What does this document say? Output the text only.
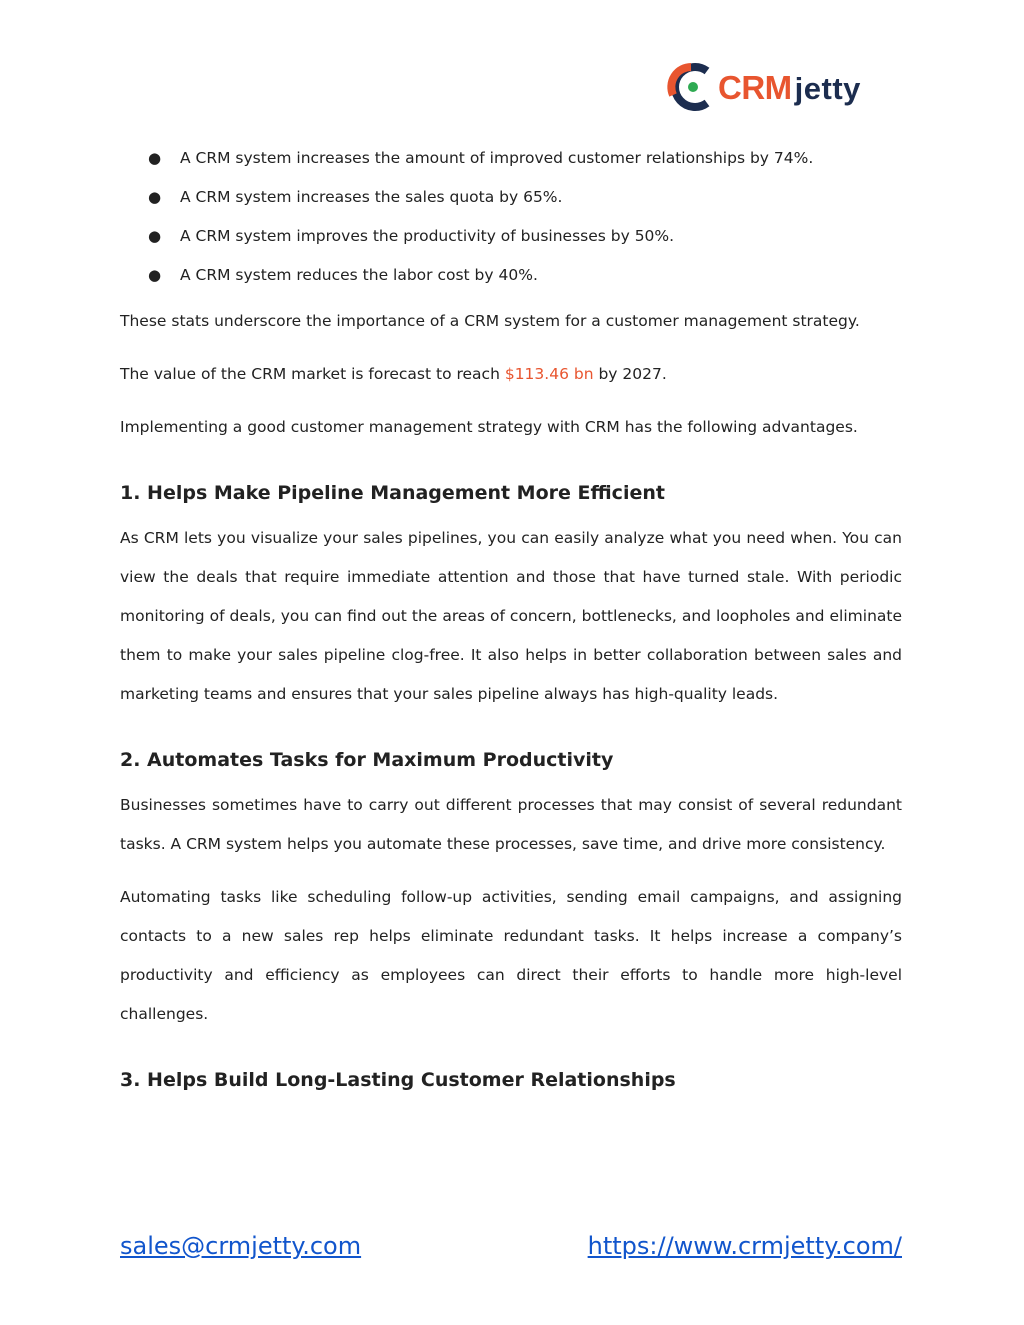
CRMjetty
● A CRM system increases the amount of improved customer relationships by 74%.
● A CRM system increases the sales quota by 65%.
● A CRM system improves the productivity of businesses by 50%.
● A CRM system reduces the labor cost by 40%.

These stats underscore the importance of a CRM system for a customer management strategy.

The value of the CRM market is forecast to reach $113.46 bn by 2027.

Implementing a good customer management strategy with CRM has the following advantages.

1. Helps Make Pipeline Management More Efficient
As CRM lets you visualize your sales pipelines, you can easily analyze what you need when. You can
view the deals that require immediate attention and those that have turned stale. With periodic
monitoring of deals, you can find out the areas of concern, bottlenecks, and loopholes and eliminate
them to make your sales pipeline clog-free. It also helps in better collaboration between sales and
marketing teams and ensures that your sales pipeline always has high-quality leads.
2. Automates Tasks for Maximum Productivity
Businesses sometimes have to carry out different processes that may consist of several redundant
tasks. A CRM system helps you automate these processes, save time, and drive more consistency.
Automating tasks like scheduling follow-up activities, sending email campaigns, and assigning
contacts to a new sales rep helps eliminate redundant tasks. It helps increase a company’s
productivity and efficiency as employees can direct their efforts to handle more high-level
challenges.
3. Helps Build Long-Lasting Customer Relationships
sales@crmjetty.com	https://www.crmjetty.com/
